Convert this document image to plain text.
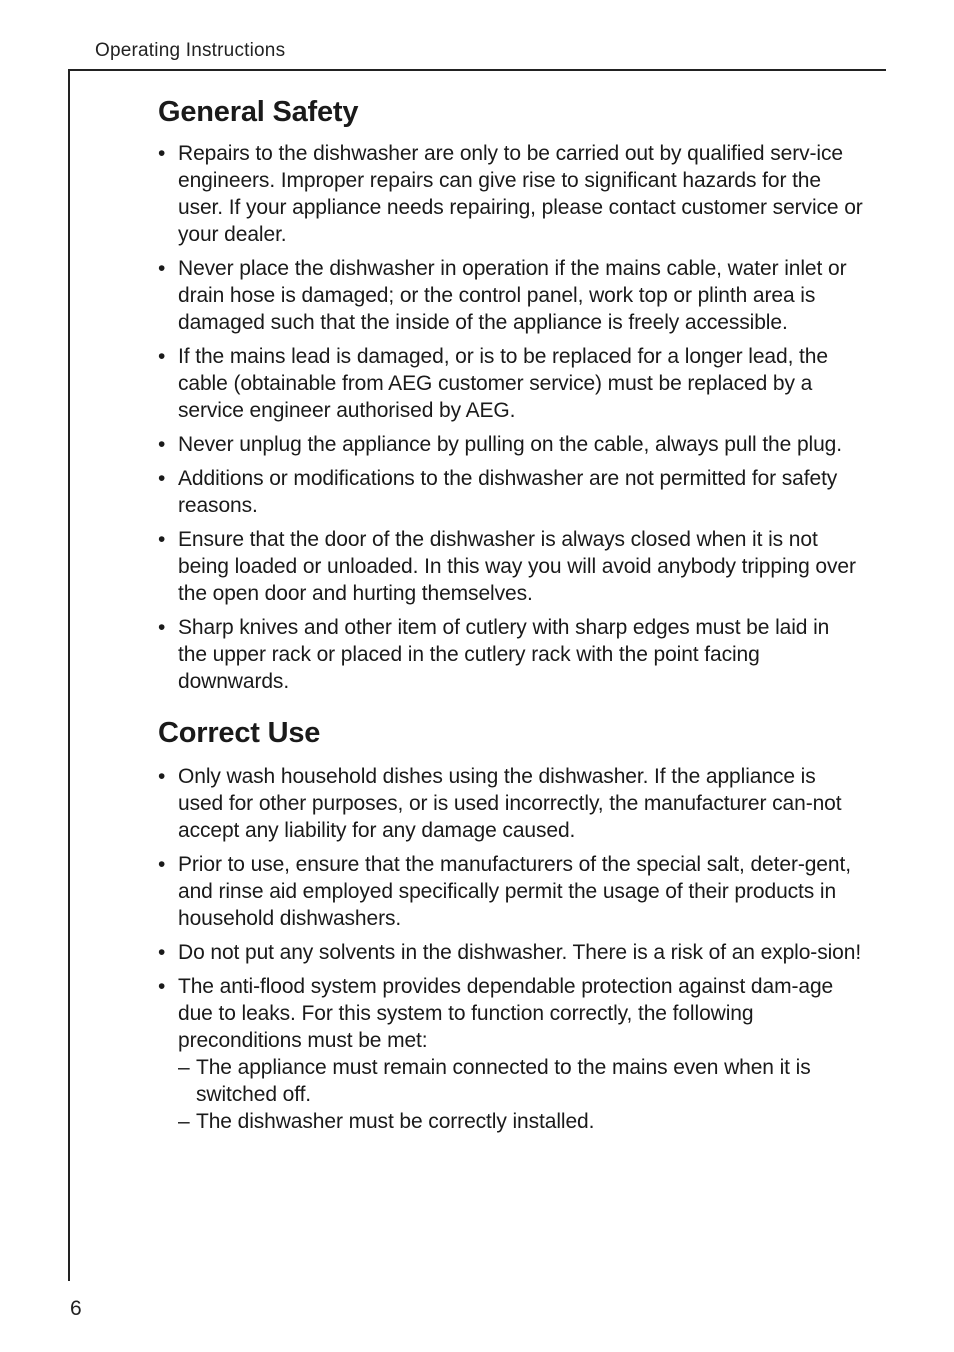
Operating Instructions
General Safety
• Repairs to the dishwasher are only to be carried out by qualified serv-ice engineers. Improper repairs can give rise to significant hazards for the user. If your appliance needs repairing, please contact customer service or your dealer.
• Never place the dishwasher in operation if the mains cable, water inlet or drain hose is damaged; or the control panel, work top or plinth area is damaged such that the inside of the appliance is freely accessible.
• If the mains lead is damaged, or is to be replaced for a longer lead, the cable (obtainable from AEG customer service) must be replaced by a service engineer authorised by AEG.
• Never unplug the appliance by pulling on the cable, always pull the plug.
• Additions or modifications to the dishwasher are not permitted for safety reasons.
• Ensure that the door of the dishwasher is always closed when it is not being loaded or unloaded. In this way you will avoid anybody tripping over the open door and hurting themselves.
• Sharp knives and other item of cutlery with sharp edges must be laid in the upper rack or placed in the cutlery rack with the point facing downwards.
Correct Use
• Only wash household dishes using the dishwasher. If the appliance is used for other purposes, or is used incorrectly, the manufacturer can-not accept any liability for any damage caused.
• Prior to use, ensure that the manufacturers of the special salt, deter-gent, and rinse aid employed specifically permit the usage of their products in household dishwashers.
• Do not put any solvents in the dishwasher. There is a risk of an explo-sion!
• The anti-flood system provides dependable protection against dam-age due to leaks. For this system to function correctly, the following preconditions must be met:
– The appliance must remain connected to the mains even when it is switched off.
– The dishwasher must be correctly installed.
6
